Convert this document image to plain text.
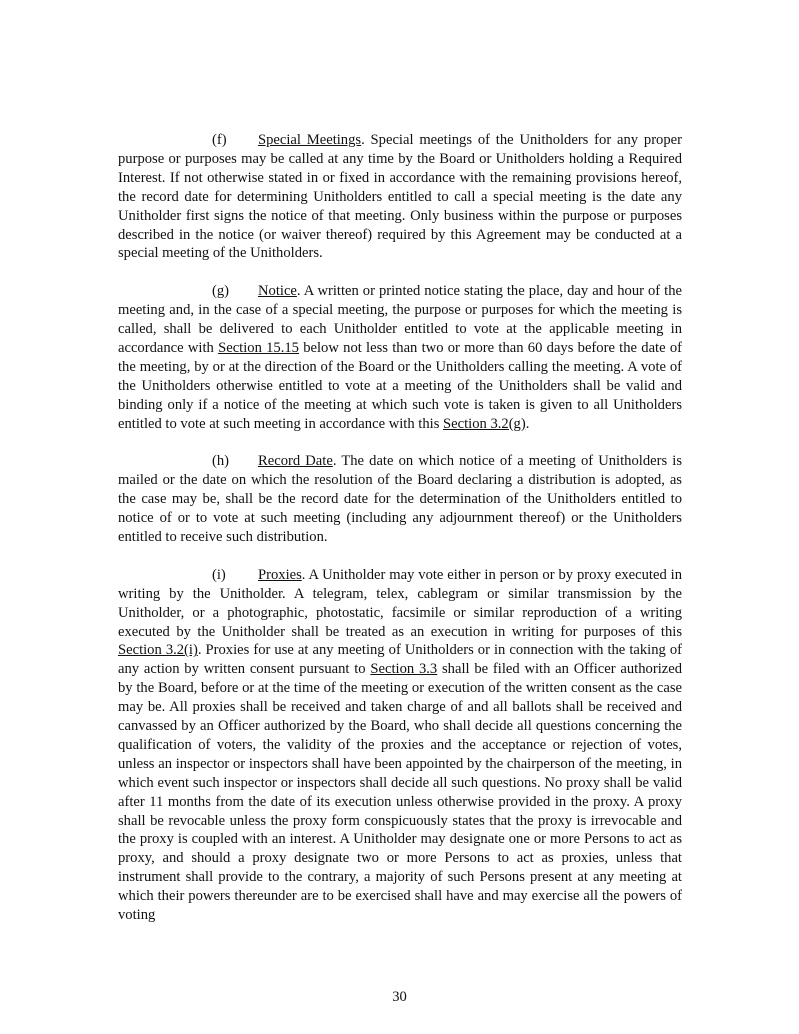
(f) Special Meetings. Special meetings of the Unitholders for any proper purpose or purposes may be called at any time by the Board or Unitholders holding a Required Interest. If not otherwise stated in or fixed in accordance with the remaining provisions hereof, the record date for determining Unitholders entitled to call a special meeting is the date any Unitholder first signs the notice of that meeting. Only business within the purpose or purposes described in the notice (or waiver thereof) required by this Agreement may be conducted at a special meeting of the Unitholders.

(g) Notice. A written or printed notice stating the place, day and hour of the meeting and, in the case of a special meeting, the purpose or purposes for which the meeting is called, shall be delivered to each Unitholder entitled to vote at the applicable meeting in accordance with Section 15.15 below not less than two or more than 60 days before the date of the meeting, by or at the direction of the Board or the Unitholders calling the meeting. A vote of the Unitholders otherwise entitled to vote at a meeting of the Unitholders shall be valid and binding only if a notice of the meeting at which such vote is taken is given to all Unitholders entitled to vote at such meeting in accordance with this Section 3.2(g).

(h) Record Date. The date on which notice of a meeting of Unitholders is mailed or the date on which the resolution of the Board declaring a distribution is adopted, as the case may be, shall be the record date for the determination of the Unitholders entitled to notice of or to vote at such meeting (including any adjournment thereof) or the Unitholders entitled to receive such distribution.

(i) Proxies. A Unitholder may vote either in person or by proxy executed in writing by the Unitholder. A telegram, telex, cablegram or similar transmission by the Unitholder, or a photographic, photostatic, facsimile or similar reproduction of a writing executed by the Unitholder shall be treated as an execution in writing for purposes of this Section 3.2(i). Proxies for use at any meeting of Unitholders or in connection with the taking of any action by written consent pursuant to Section 3.3 shall be filed with an Officer authorized by the Board, before or at the time of the meeting or execution of the written consent as the case may be. All proxies shall be received and taken charge of and all ballots shall be received and canvassed by an Officer authorized by the Board, who shall decide all questions concerning the qualification of voters, the validity of the proxies and the acceptance or rejection of votes, unless an inspector or inspectors shall have been appointed by the chairperson of the meeting, in which event such inspector or inspectors shall decide all such questions. No proxy shall be valid after 11 months from the date of its execution unless otherwise provided in the proxy. A proxy shall be revocable unless the proxy form conspicuously states that the proxy is irrevocable and the proxy is coupled with an interest. A Unitholder may designate one or more Persons to act as proxy, and should a proxy designate two or more Persons to act as proxies, unless that instrument shall provide to the contrary, a majority of such Persons present at any meeting at which their powers thereunder are to be exercised shall have and may exercise all the powers of voting

30
